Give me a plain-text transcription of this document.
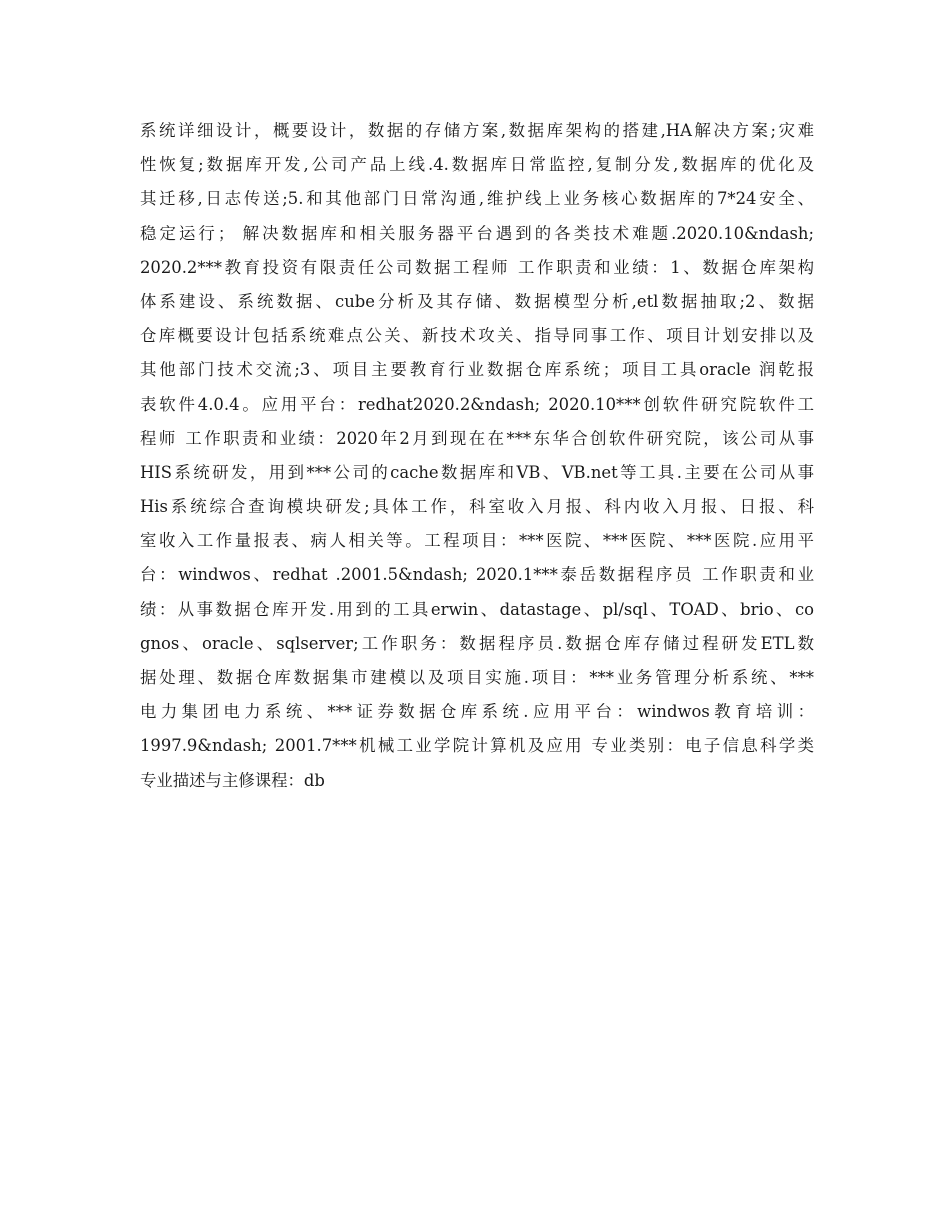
系统详细设计，概要设计，数据的存储方案,数据库架构的搭建,HA解决方案;灾难
性恢复;数据库开发,公司产品上线.4.数据库日常监控,复制分发,数据库的优化及
其迁移,日志传送;5.和其他部门日常沟通,维护线上业务核心数据库的7*24安全、
稳定运行； 解决数据库和相关服务器平台遇到的各类技术难题.2020.10&ndash;
2020.2***教育投资有限责任公司数据工程师 工作职责和业绩：1、数据仓库架构
体系建设、系统数据、cube分析及其存储、数据模型分析,etl数据抽取;2、数据
仓库概要设计包括系统难点公关、新技术攻关、指导同事工作、项目计划安排以及
其他部门技术交流;3、项目主要教育行业数据仓库系统；项目工具oracle 润乾报
表软件4.0.4。应用平台：redhat2020.2&ndash; 2020.10***创软件研究院软件工
程师 工作职责和业绩：2020年2月到现在在***东华合创软件研究院，该公司从事
HIS系统研发，用到***公司的cache数据库和VB、VB.net等工具.主要在公司从事
His系统综合查询模块研发;具体工作，科室收入月报、科内收入月报、日报、科
室收入工作量报表、病人相关等。工程项目：***医院、***医院、***医院.应用平
台：windwos、redhat .2001.5&ndash; 2020.1***泰岳数据程序员 工作职责和业
绩：从事数据仓库开发.用到的工具erwin、datastage、pl/sql、TOAD、brio、co
gnos、oracle、sqlserver;工作职务：数据程序员.数据仓库存储过程研发ETL数
据处理、数据仓库数据集市建模以及项目实施.项目：***业务管理分析系统、***
电力集团电力系统、***证券数据仓库系统.应用平台：windwos教育培训：
1997.9&ndash; 2001.7***机械工业学院计算机及应用 专业类别：电子信息科学类
专业描述与主修课程：db
